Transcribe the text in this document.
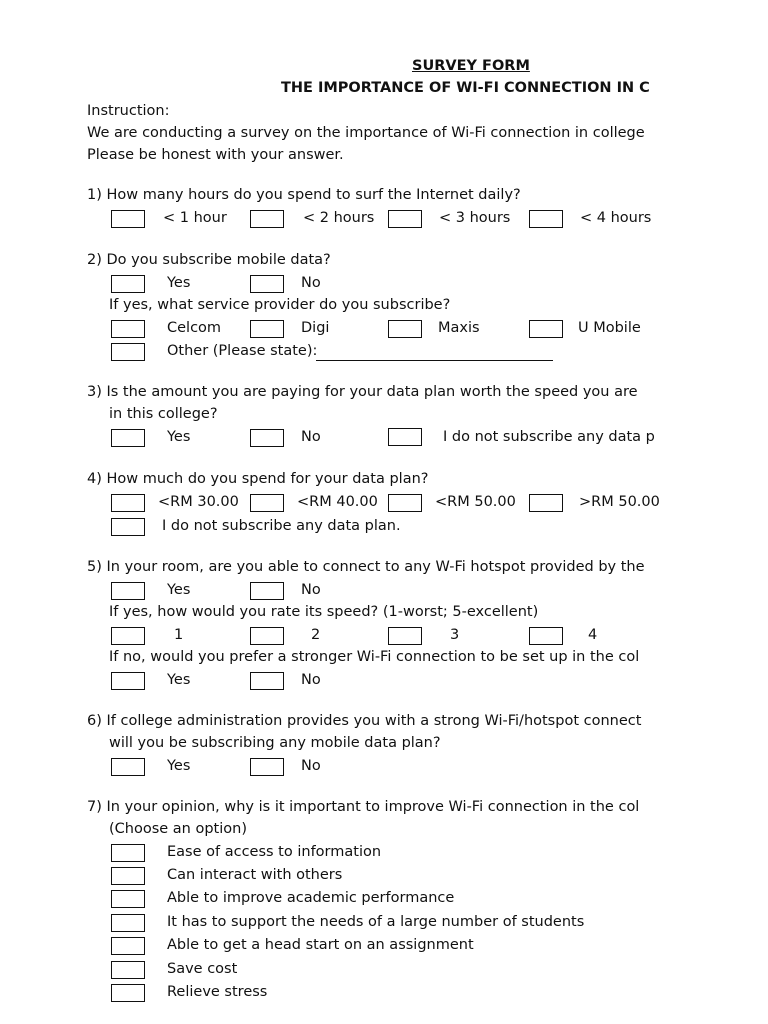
SURVEY FORM
THE IMPORTANCE OF WI-FI CONNECTION IN C
Instruction:
We are conducting a survey on the importance of Wi-Fi connection in college
Please be honest with your answer.
1) How many hours do you spend to surf the Internet daily?
< 1 hour	< 2 hours	< 3 hours	< 4 hours
2) Do you subscribe mobile data?
Yes	No
If yes, what service provider do you subscribe?
Celcom	Digi	Maxis	U Mobile
Other (Please state):
3) Is the amount you are paying for your data plan worth the speed you are
in this college?
Yes	No	I do not subscribe any data p
4) How much do you spend for your data plan?
<RM 30.00	<RM 40.00	<RM 50.00	>RM 50.00
I do not subscribe any data plan.
5) In your room, are you able to connect to any W-Fi hotspot provided by the
Yes	No
If yes, how would you rate its speed? (1-worst; 5-excellent)
1	2	3	4
If no, would you prefer a stronger Wi-Fi connection to be set up in the col
Yes	No
6) If college administration provides you with a strong Wi-Fi/hotspot connect
will you be subscribing any mobile data plan?
Yes	No
7) In your opinion, why is it important to improve Wi-Fi connection in the col
(Choose an option)
Ease of access to information
Can interact with others
Able to improve academic performance
It has to support the needs of a large number of students
Able to get a head start on an assignment
Save cost
Relieve stress
